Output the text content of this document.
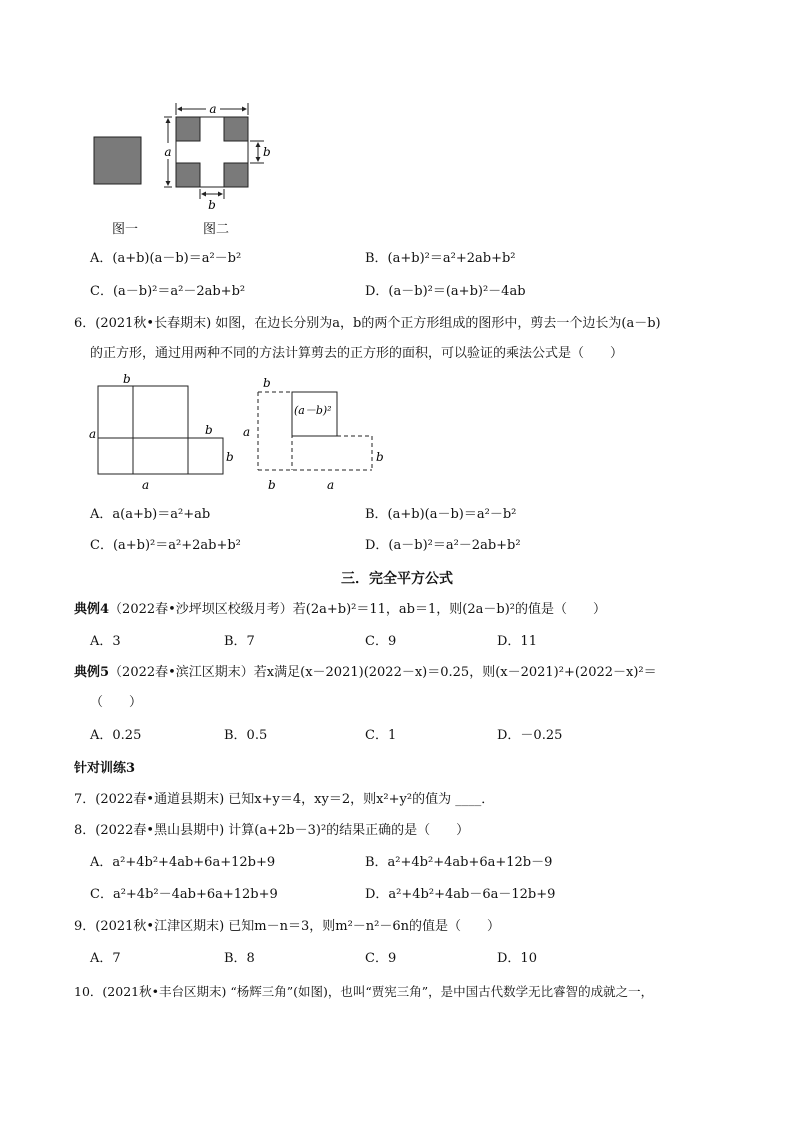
a
a	b
b
图一	图二
A．(a+b)(a－b)＝a²－b²	B．(a+b)²＝a²+2ab+b²
C．(a－b)²＝a²－2ab+b²	D．(a－b)²＝(a+b)²－4ab
6．(2021秋•长春期末) 如图，在边长分别为a，b的两个正方形组成的图形中，剪去一个边长为(a－b)
的正方形，通过用两种不同的方法计算剪去的正方形的面积，可以验证的乘法公式是（　　）
b
a	b
b
a
b
a
(a－b)²
b
b	a
A．a(a+b)＝a²+ab	B．(a+b)(a－b)＝a²－b²
C．(a+b)²＝a²+2ab+b²	D．(a－b)²＝a²－2ab+b²
三．完全平方公式
典例4（2022春•沙坪坝区校级月考）若(2a+b)²＝11，ab＝1，则(2a－b)²的值是（　　）
A．3	B．7	C．9	D．11
典例5（2022春•滨江区期末）若x满足(x－2021)(2022－x)＝0.25，则(x－2021)²+(2022－x)²＝
（　　）
A．0.25	B．0.5	C．1	D．－0.25
针对训练3
7．(2022春•通道县期末) 已知x+y＝4，xy＝2，则x²+y²的值为 ____．
8．(2022春•黑山县期中) 计算(a+2b－3)²的结果正确的是（　　）
A．a²+4b²+4ab+6a+12b+9	B．a²+4b²+4ab+6a+12b－9
C．a²+4b²－4ab+6a+12b+9	D．a²+4b²+4ab－6a－12b+9
9．(2021秋•江津区期末) 已知m－n＝3，则m²－n²－6n的值是（　　）
A．7	B．8	C．9	D．10
10．(2021秋•丰台区期末) “杨辉三角”(如图)，也叫“贾宪三角”，是中国古代数学无比睿智的成就之一，
